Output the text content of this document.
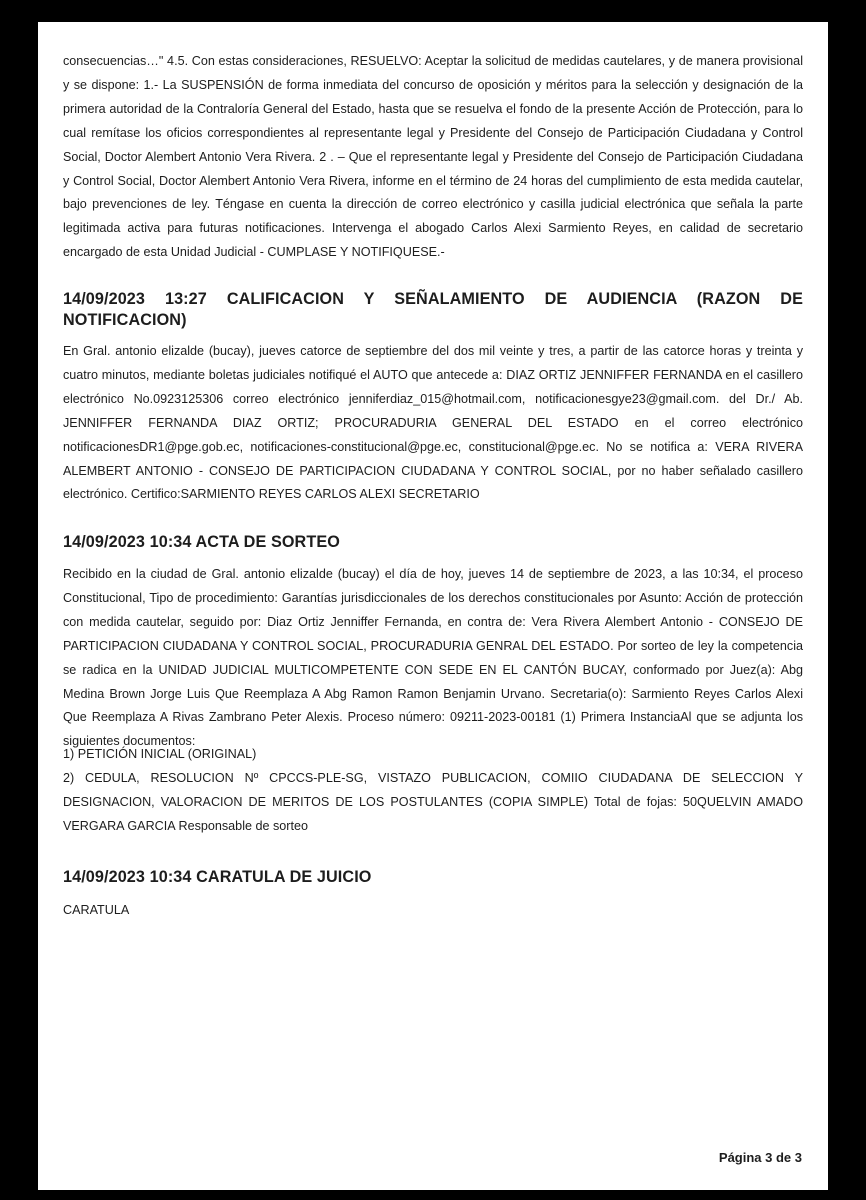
consecuencias…" 4.5. Con estas consideraciones, RESUELVO: Aceptar la solicitud de medidas cautelares, y de manera provisional y se dispone: 1.- La SUSPENSIÓN de forma inmediata del concurso de oposición y méritos para la selección y designación de la primera autoridad de la Contraloría General del Estado, hasta que se resuelva el fondo de la presente Acción de Protección, para lo cual remítase los oficios correspondientes al representante legal y Presidente del Consejo de Participación Ciudadana y Control Social, Doctor Alembert Antonio Vera Rivera. 2 . – Que el representante legal y Presidente del Consejo de Participación Ciudadana y Control Social, Doctor Alembert Antonio Vera Rivera, informe en el término de 24 horas del cumplimiento de esta medida cautelar, bajo prevenciones de ley. Téngase en cuenta la dirección de correo electrónico y casilla judicial electrónica que señala la parte legitimada activa para futuras notificaciones. Intervenga el abogado Carlos Alexi Sarmiento Reyes, en calidad de secretario encargado de esta Unidad Judicial - CUMPLASE Y NOTIFIQUESE.-

14/09/2023 13:27 CALIFICACION Y SEÑALAMIENTO DE AUDIENCIA (RAZON DE NOTIFICACION)

En Gral. antonio elizalde (bucay), jueves catorce de septiembre del dos mil veinte y tres, a partir de las catorce horas y treinta y cuatro minutos, mediante boletas judiciales notifiqué el AUTO que antecede a: DIAZ ORTIZ JENNIFFER FERNANDA en el casillero electrónico No.0923125306 correo electrónico jenniferdiaz_015@hotmail.com, notificacionesgye23@gmail.com. del Dr./ Ab. JENNIFFER FERNANDA DIAZ ORTIZ; PROCURADURIA GENERAL DEL ESTADO en el correo electrónico notificacionesDR1@pge.gob.ec, notificaciones-constitucional@pge.ec, constitucional@pge.ec. No se notifica a: VERA RIVERA ALEMBERT ANTONIO - CONSEJO DE PARTICIPACION CIUDADANA Y CONTROL SOCIAL, por no haber señalado casillero electrónico. Certifico:SARMIENTO REYES CARLOS ALEXI SECRETARIO

14/09/2023 10:34 ACTA DE SORTEO

Recibido en la ciudad de Gral. antonio elizalde (bucay) el día de hoy, jueves 14 de septiembre de 2023, a las 10:34, el proceso Constitucional, Tipo de procedimiento: Garantías jurisdiccionales de los derechos constitucionales por Asunto: Acción de protección con medida cautelar, seguido por: Diaz Ortiz Jenniffer Fernanda, en contra de: Vera Rivera Alembert Antonio - CONSEJO DE PARTICIPACION CIUDADANA Y CONTROL SOCIAL, PROCURADURIA GENRAL DEL ESTADO. Por sorteo de ley la competencia se radica en la UNIDAD JUDICIAL MULTICOMPETENTE CON SEDE EN EL CANTÓN BUCAY, conformado por Juez(a): Abg Medina Brown Jorge Luis Que Reemplaza A Abg Ramon Ramon Benjamin Urvano. Secretaria(o): Sarmiento Reyes Carlos Alexi Que Reemplaza A Rivas Zambrano Peter Alexis. Proceso número: 09211-2023-00181 (1) Primera InstanciaAl que se adjunta los siguientes documentos:

1) PETICIÓN INICIAL (ORIGINAL)

2) CEDULA, RESOLUCION Nº CPCCS-PLE-SG, VISTAZO PUBLICACION, COMIIO CIUDADANA DE SELECCION Y DESIGNACION, VALORACION DE MERITOS DE LOS POSTULANTES (COPIA SIMPLE) Total de fojas: 50QUELVIN AMADO VERGARA GARCIA Responsable de sorteo

14/09/2023 10:34 CARATULA DE JUICIO

CARATULA

Página 3 de 3
